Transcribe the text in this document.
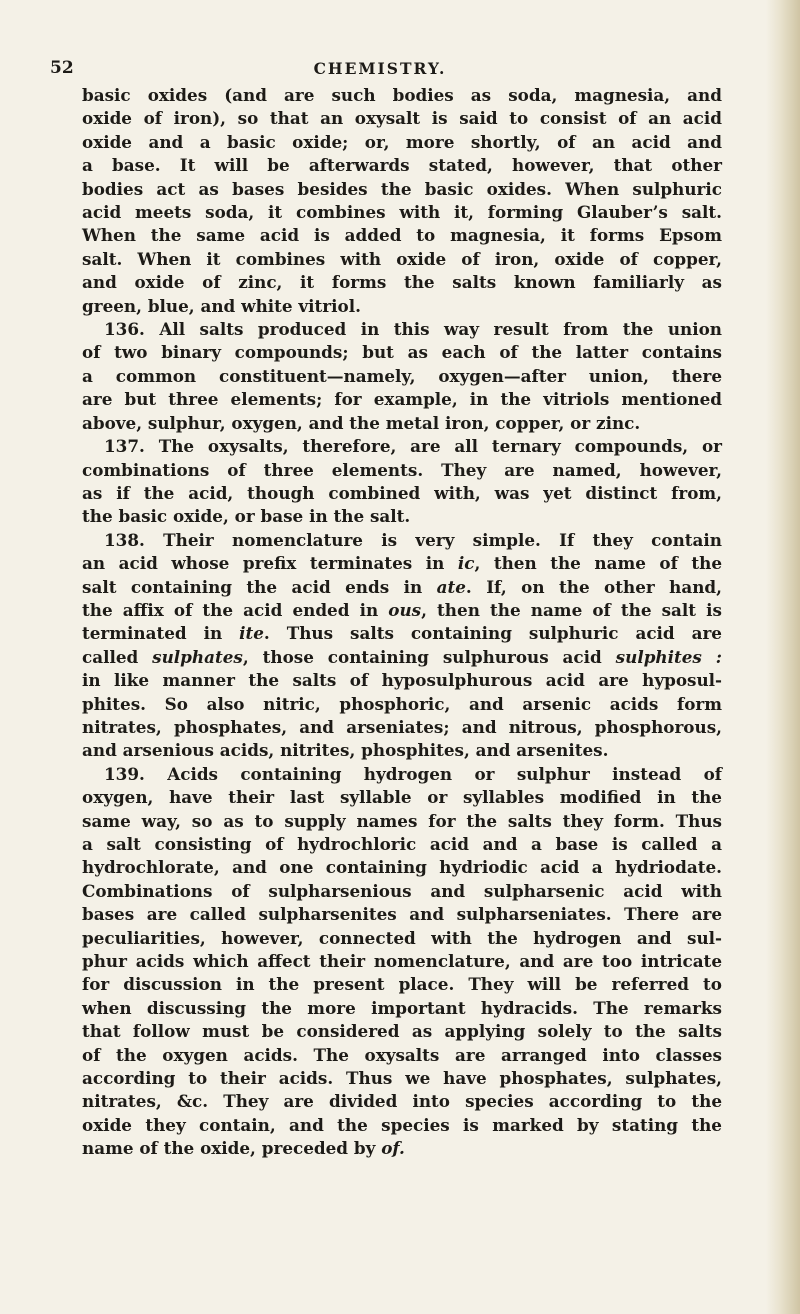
52	CHEMISTRY.
basic oxides (and are such bodies as soda, magnesia, and
oxide of iron), so that an oxysalt is said to consist of an acid
oxide and a basic oxide; or, more shortly, of an acid and
a base. It will be afterwards stated, however, that other
bodies act as bases besides the basic oxides. When sulphuric
acid meets soda, it combines with it, forming Glauber’s salt.
When the same acid is added to magnesia, it forms Epsom
salt. When it combines with oxide of iron, oxide of copper,
and oxide of zinc, it forms the salts known familiarly as
green, blue, and white vitriol.
136. All salts produced in this way result from the union
of two binary compounds; but as each of the latter contains
a common constituent—namely, oxygen—after union, there
are but three elements; for example, in the vitriols mentioned
above, sulphur, oxygen, and the metal iron, copper, or zinc.
137. The oxysalts, therefore, are all ternary compounds, or
combinations of three elements. They are named, however,
as if the acid, though combined with, was yet distinct from,
the basic oxide, or base in the salt.
138. Their nomenclature is very simple. If they contain
an acid whose prefix terminates in ic, then the name of the
salt containing the acid ends in ate. If, on the other hand,
the affix of the acid ended in ous, then the name of the salt is
terminated in ite. Thus salts containing sulphuric acid are
called sulphates, those containing sulphurous acid sulphites :
in like manner the salts of hyposulphurous acid are hyposul-
phites. So also nitric, phosphoric, and arsenic acids form
nitrates, phosphates, and arseniates; and nitrous, phosphorous,
and arsenious acids, nitrites, phosphites, and arsenites.
139. Acids containing hydrogen or sulphur instead of
oxygen, have their last syllable or syllables modified in the
same way, so as to supply names for the salts they form. Thus
a salt consisting of hydrochloric acid and a base is called a
hydrochlorate, and one containing hydriodic acid a hydriodate.
Combinations of sulpharsenious and sulpharsenic acid with
bases are called sulpharsenites and sulpharseniates. There are
peculiarities, however, connected with the hydrogen and sul-
phur acids which affect their nomenclature, and are too intricate
for discussion in the present place. They will be referred to
when discussing the more important hydracids. The remarks
that follow must be considered as applying solely to the salts
of the oxygen acids. The oxysalts are arranged into classes
according to their acids. Thus we have phosphates, sulphates,
nitrates, &c. They are divided into species according to the
oxide they contain, and the species is marked by stating the
name of the oxide, preceded by of.
